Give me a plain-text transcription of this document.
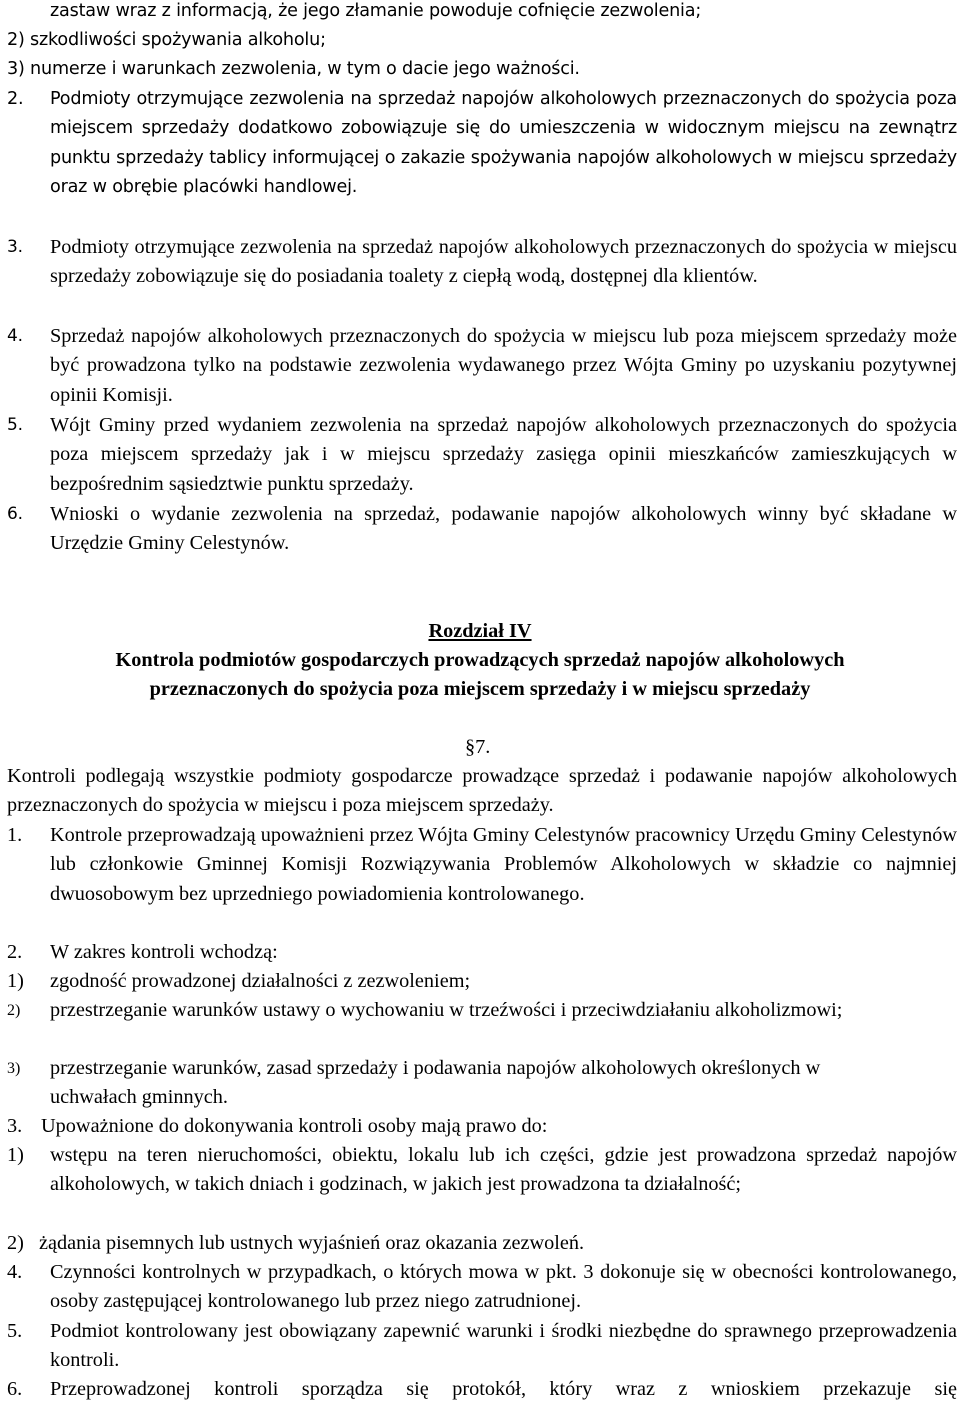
zastaw wraz z informacją, że jego złamanie powoduje cofnięcie zezwolenia;
2) szkodliwości spożywania alkoholu;
3) numerze i warunkach zezwolenia, w tym o dacie jego ważności.
2. Podmioty otrzymujące zezwolenia na sprzedaż napojów alkoholowych przeznaczonych do spożycia poza miejscem sprzedaży dodatkowo zobowiązuje się do umieszczenia w widocznym miejscu na zewnątrz punktu sprzedaży tablicy informującej o zakazie spożywania napojów alkoholowych w miejscu sprzedaży oraz w obrębie placówki handlowej.
3. Podmioty otrzymujące zezwolenia na sprzedaż napojów alkoholowych przeznaczonych do spożycia w miejscu sprzedaży zobowiązuje się do posiadania toalety z ciepłą wodą, dostępnej dla klientów.
4. Sprzedaż napojów alkoholowych przeznaczonych do spożycia w miejscu lub poza miejscem sprzedaży może być prowadzona tylko na podstawie zezwolenia wydawanego przez Wójta Gminy po uzyskaniu pozytywnej opinii Komisji.
5. Wójt Gminy przed wydaniem zezwolenia na sprzedaż napojów alkoholowych przeznaczonych do spożycia poza miejscem sprzedaży jak i w miejscu sprzedaży zasięga opinii mieszkańców zamieszkujących w bezpośrednim sąsiedztwie punktu sprzedaży.
6. Wnioski o wydanie zezwolenia na sprzedaż, podawanie napojów alkoholowych winny być składane w Urzędzie Gminy Celestynów.
Rozdział IV
Kontrola podmiotów gospodarczych prowadzących sprzedaż napojów alkoholowych
przeznaczonych do spożycia poza miejscem sprzedaży i w miejscu sprzedaży
§7.
Kontroli podlegają wszystkie podmioty gospodarcze prowadzące sprzedaż i podawanie napojów alkoholowych przeznaczonych do spożycia w miejscu i poza miejscem sprzedaży.
1. Kontrole przeprowadzają upoważnieni przez Wójta Gminy Celestynów pracownicy Urzędu Gminy Celestynów lub członkowie Gminnej Komisji Rozwiązywania Problemów Alkoholowych w składzie co najmniej dwuosobowym bez uprzedniego powiadomienia kontrolowanego.
2. W zakres kontroli wchodzą:
1) zgodność prowadzonej działalności z zezwoleniem;
2) przestrzeganie warunków ustawy o wychowaniu w trzeźwości i przeciwdziałaniu alkoholizmowi;
3) przestrzeganie warunków, zasad sprzedaży i podawania napojów alkoholowych określonych w uchwałach gminnych.
3. Upoważnione do dokonywania kontroli osoby mają prawo do:
1) wstępu na teren nieruchomości, obiektu, lokalu lub ich części, gdzie jest prowadzona sprzedaż napojów alkoholowych, w takich dniach i godzinach, w jakich jest prowadzona ta działalność;
2) żądania pisemnych lub ustnych wyjaśnień oraz okazania zezwoleń.
4. Czynności kontrolnych w przypadkach, o których mowa w pkt. 3 dokonuje się w obecności kontrolowanego, osoby zastępującej kontrolowanego lub przez niego zatrudnionej.
5. Podmiot kontrolowany jest obowiązany zapewnić warunki i środki niezbędne do sprawnego przeprowadzenia kontroli.
6. Przeprowadzonej kontroli sporządza się protokół, który wraz z wnioskiem przekazuje się
